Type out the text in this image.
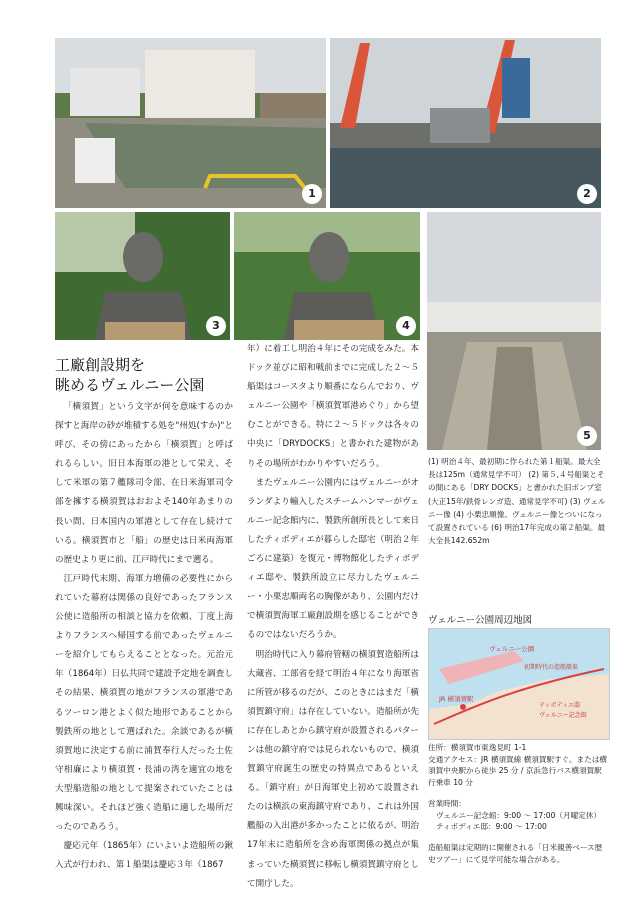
1	2
3	4
5
工廠創設期を
眺めるヴェルニー公園

「横須賀」という文字が何を意味するのか探すと海岸の砂が堆積する処を"州処(すか)"と呼び、その傍にあったから「横須賀」と呼ばれるらしい。旧日本海軍の港として栄え、そして米軍の第７艦隊司令部、在日米海軍司令部を擁する横須賀はおおよそ140年あまりの長い間、日本国内の軍港として存在し続けている。横須賀市と「船」の歴史は日米両海軍の歴史より更に前、江戸時代にまで遡る。

江戸時代末期、海軍力増備の必要性にかられていた幕府は関係の良好であったフランス公使に造船所の相談と協力を依頼、丁度上海よりフランスへ帰国する前であったヴェルニーを紹介してもらえることとなった。元治元年（1864年）日仏共同で建設予定地を調査しその結果、横須賀の地がフランスの軍港であるツーロン港とよく似た地形であることから製鉄所の地として選ばれた。余談であるが横須賀地に決定する前に浦賀奉行人だった土佐守相廉により横須賀・長浦の湾を適宜の地を大型船造船の地として提案されていたことは興味深い。それほど強く造船に適した場所だったのであろう。

慶応元年（1865年）にいよいよ造船所の鍬入式が行われ、第１船渠は慶応３年（1867

年）に着工し明治４年にその完成をみた。本ドック並びに昭和戦前までに完成した２～５船渠はコースタより順番にならんでおり、ヴェルニー公園や「横須賀軍港めぐり」から望むことができる。特に２～５ドックは各々の中央に「DRYDOCKS」と書かれた建物がありその場所がわかりやすいだろう。

またヴェルニー公園内にはヴェルニーがオランダより輸入したスチームハンマーがヴェルニー記念館内に、製鉄所創所長として来日したティボディエが暮らした邸宅（明治２年ごろに建築）を復元・博物館化したティボディエ邸や、製鉄所設立に尽力したヴェルニー・小栗忠順両名の胸像があり、公園内だけで横須賀海軍工廠創設期を感じることができるのではないだろうか。

明治時代に入り幕府管轄の横須賀造船所は大蔵省、工部省を経て明治４年になり海軍省に所管が移るのだが、このときにはまだ「横須賀鎮守府」は存在していない。造船所が先に存在しあとから鎮守府が設置されるパターンは他の鎮守府では見られないもので、横須賀鎮守府誕生の歴史の特異点であるといえる。「鎮守府」が日海軍史上初めて設置されたのは横浜の東海鎮守府であり、これは外国艦船の入出港が多かったことに依るが、明治17年末に造船所を含め海軍関係の拠点が集まっていた横須賀に移転し横須賀鎮守府として開庁した。

(1) 明治４年、最初期に作られた第１船渠。最大全長は125m（通常見学不可） (2) 第５,４号船渠とその間にある「DRY DOCKS」と書かれた旧ポンプ室(大正15年/鉄骨レンガ造、通常見学不可) (3) ヴェルニー像 (4) 小栗忠順像。ヴェルニー像とついになって設置されている (6) 明治17年完成の第２船渠。最大全長142.652m
ヴェルニー公園周辺地図
ヴェルニー公園
初期時代の造船船渠
JR 横須賀駅
ティボディエ邸
ヴェルニー記念館

住所：横須賀市東逸見町 1-1

交通アクセス：JR 横須賀線 横須賀駅すぐ。または横須賀中央駅から徒歩 25 分 / 京浜急行バス横須賀駅行乗車 10 分

営業時間：

ヴェルニー記念館：9:00 ～ 17:00（月曜定休）

ティボディエ邸：9:00 ～ 17:00

造船船渠は定期的に開催される「日米親善ベース歴史ツアー」にて見学可能な場合がある。
